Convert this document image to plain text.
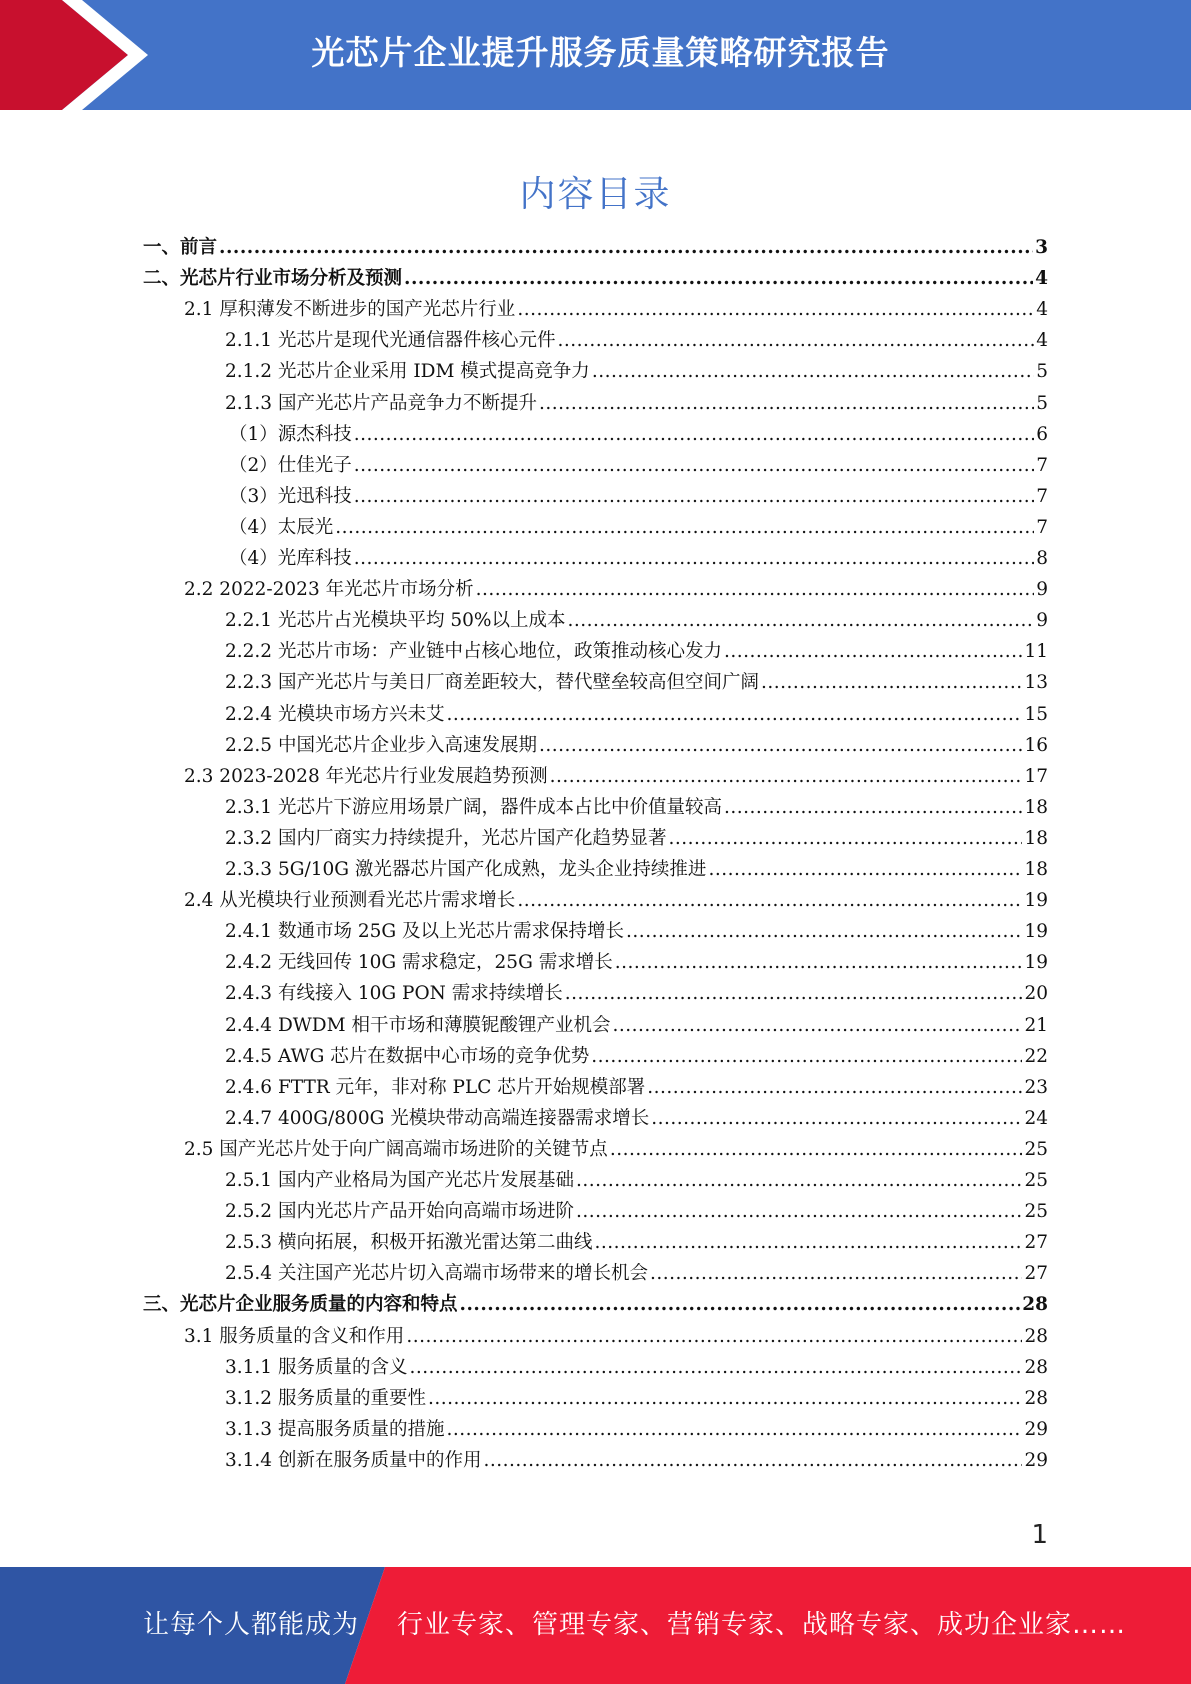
光芯片企业提升服务质量策略研究报告
内容目录
一、前言 .....	3
二、光芯片行业市场分析及预测 .....	4
2.1 厚积薄发不断进步的国产光芯片行业 .....	4
2.1.1 光芯片是现代光通信器件核心元件 .....	4
2.1.2 光芯片企业采用 IDM 模式提高竞争力 .....	5
2.1.3 国产光芯片产品竞争力不断提升 .....	5
（1）源杰科技 .....	6
（2）仕佳光子 .....	7
（3）光迅科技 .....	7
（4）太辰光 .....	7
（4）光库科技 .....	8
2.2 2022-2023 年光芯片市场分析 .....	9
2.2.1 光芯片占光模块平均 50%以上成本 .....	9
2.2.2 光芯片市场：产业链中占核心地位，政策推动核心发力 .....	11
2.2.3 国产光芯片与美日厂商差距较大，替代壁垒较高但空间广阔 .....	13
2.2.4 光模块市场方兴未艾 .....	15
2.2.5 中国光芯片企业步入高速发展期 .....	16
2.3 2023-2028 年光芯片行业发展趋势预测 .....	17
2.3.1 光芯片下游应用场景广阔，器件成本占比中价值量较高 .....	18
2.3.2 国内厂商实力持续提升，光芯片国产化趋势显著 .....	18
2.3.3 5G/10G 激光器芯片国产化成熟，龙头企业持续推进 .....	18
2.4 从光模块行业预测看光芯片需求增长 .....	19
2.4.1 数通市场 25G 及以上光芯片需求保持增长 .....	19
2.4.2 无线回传 10G 需求稳定，25G 需求增长 .....	19
2.4.3 有线接入 10G PON 需求持续增长 .....	20
2.4.4 DWDM 相干市场和薄膜铌酸锂产业机会 .....	21
2.4.5 AWG 芯片在数据中心市场的竞争优势 .....	22
2.4.6 FTTR 元年，非对称 PLC 芯片开始规模部署 .....	23
2.4.7 400G/800G 光模块带动高端连接器需求增长 .....	24
2.5 国产光芯片处于向广阔高端市场进阶的关键节点 .....	25
2.5.1 国内产业格局为国产光芯片发展基础 .....	25
2.5.2 国内光芯片产品开始向高端市场进阶 .....	25
2.5.3 横向拓展，积极开拓激光雷达第二曲线 .....	27
2.5.4 关注国产光芯片切入高端市场带来的增长机会 .....	27
三、光芯片企业服务质量的内容和特点 .....	28
3.1 服务质量的含义和作用 .....	28
3.1.1 服务质量的含义 .....	28
3.1.2 服务质量的重要性 .....	28
3.1.3 提高服务质量的措施 .....	29
3.1.4 创新在服务质量中的作用 .....	29
1
让每个人都能成为 行业专家、管理专家、营销专家、战略专家、成功企业家……
